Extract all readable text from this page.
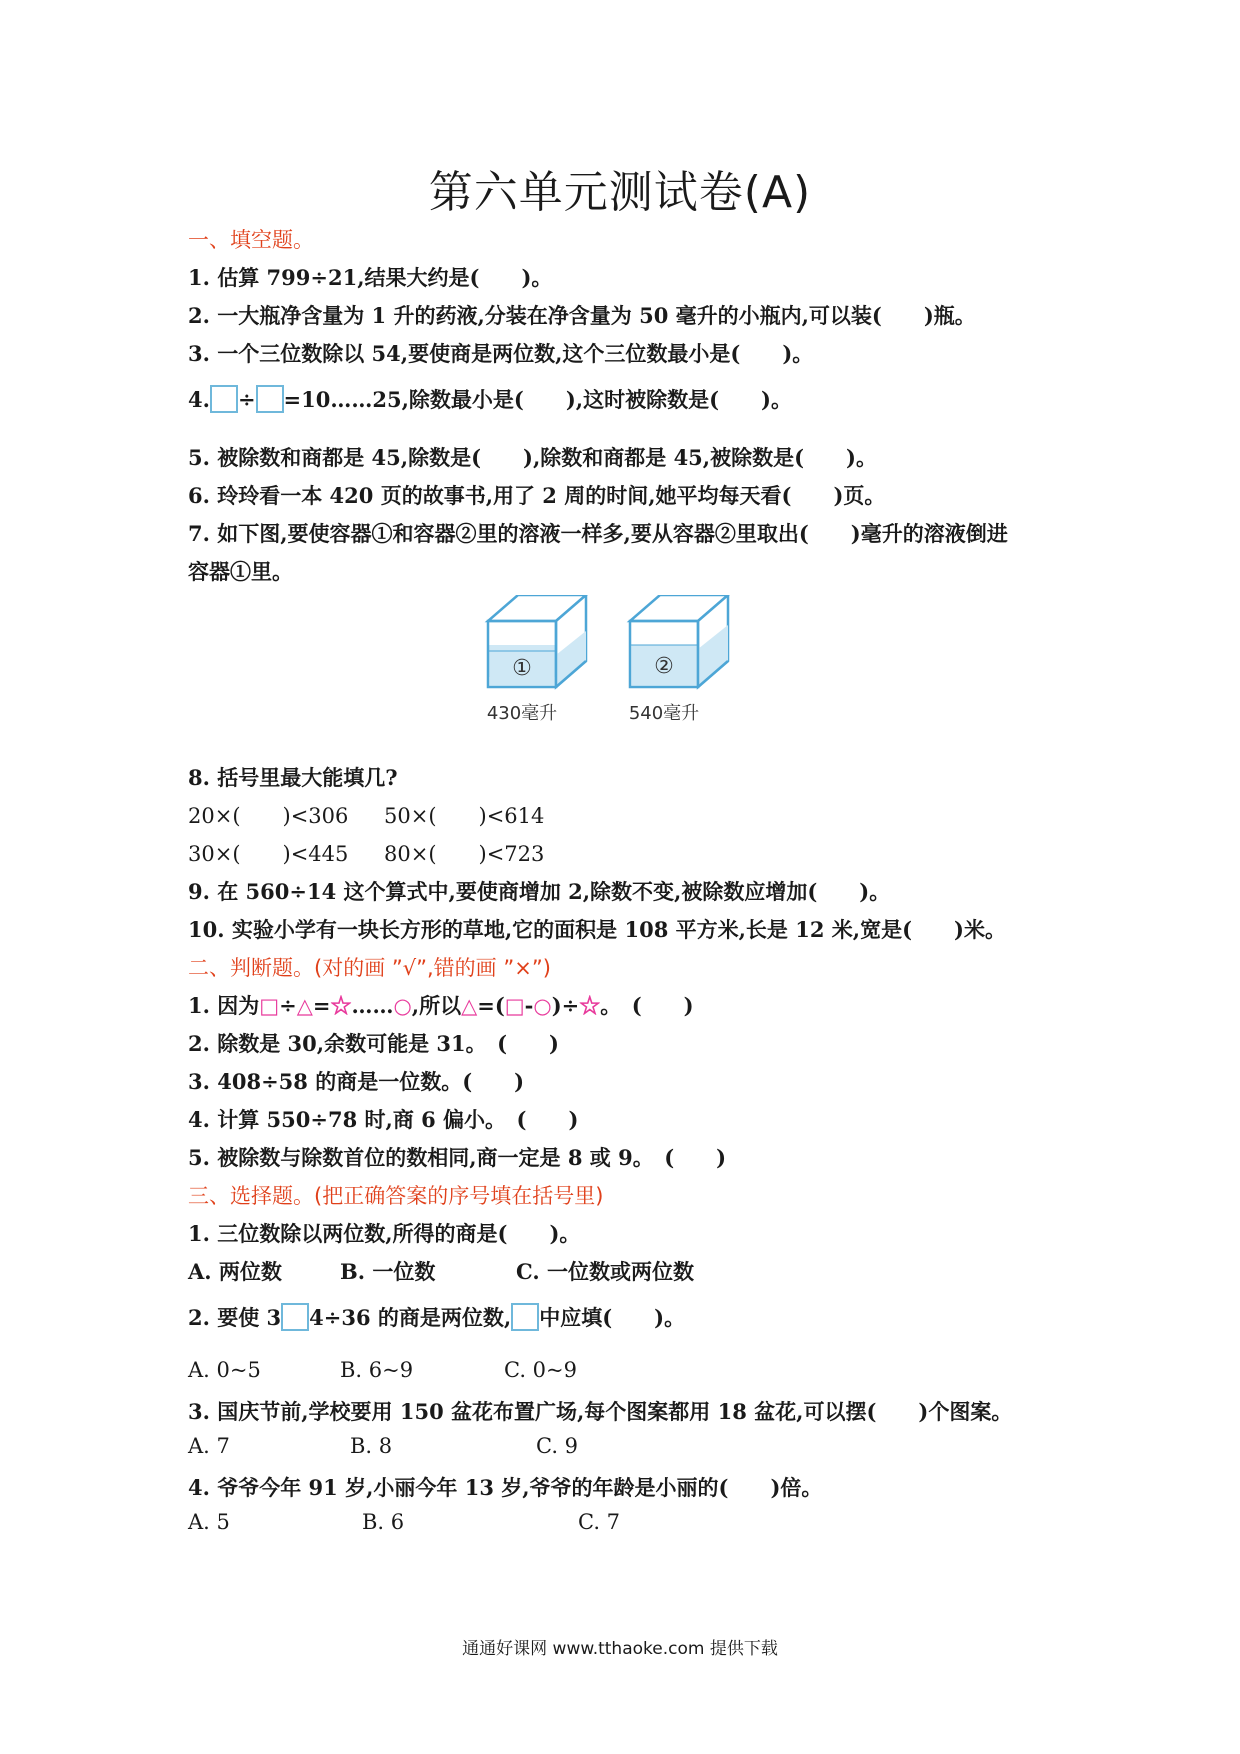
第六单元测试卷(A)
一、填空题。
1. 估算 799÷21,结果大约是(　　)。
2. 一大瓶净含量为 1 升的药液,分装在净含量为 50 毫升的小瓶内,可以装(　　)瓶。
3. 一个三位数除以 54,要使商是两位数,这个三位数最小是(　　)。
4. ÷ =10……25,除数最小是(　　),这时被除数是(　　)。
5. 被除数和商都是 45,除数是(　　),除数和商都是 45,被除数是(　　)。
6. 玲玲看一本 420 页的故事书,用了 2 周的时间,她平均每天看(　　)页。
7. 如下图,要使容器①和容器②里的溶液一样多,要从容器②里取出(　　)毫升的溶液倒进
容器①里。
①	②
430毫升	540毫升
8. 括号里最大能填几?
20×(　　)<306 50×(　　)<614
30×(　　)<445 80×(　　)<723
9. 在 560÷14 这个算式中,要使商增加 2,除数不变,被除数应增加(　　)。
10. 实验小学有一块长方形的草地,它的面积是 108 平方米,长是 12 米,宽是(　　)米。
二、判断题。(对的画 ”√”,错的画 ”×”)
1. 因为□÷△=☆……○,所以△=(□-○)÷☆。　(　　)
2. 除数是 30,余数可能是 31。　(　　)
3. 408÷58 的商是一位数。(　　)
4. 计算 550÷78 时,商 6 偏小。　(　　)
5. 被除数与除数首位的数相同,商一定是 8 或 9。　(　　)
三、选择题。(把正确答案的序号填在括号里)
1. 三位数除以两位数,所得的商是(　　)。
A. 两位数	B. 一位数	C. 一位数或两位数
2. 要使 3 4÷36 的商是两位数, 中应填(　　)。
A. 0~5	B. 6~9	C. 0~9
3. 国庆节前,学校要用 150 盆花布置广场,每个图案都用 18 盆花,可以摆(　　)个图案。
A. 7	B. 8	C. 9
4. 爷爷今年 91 岁,小丽今年 13 岁,爷爷的年龄是小丽的(　　)倍。
A. 5	B. 6	C. 7
通通好课网 www.tthaoke.com 提供下载
